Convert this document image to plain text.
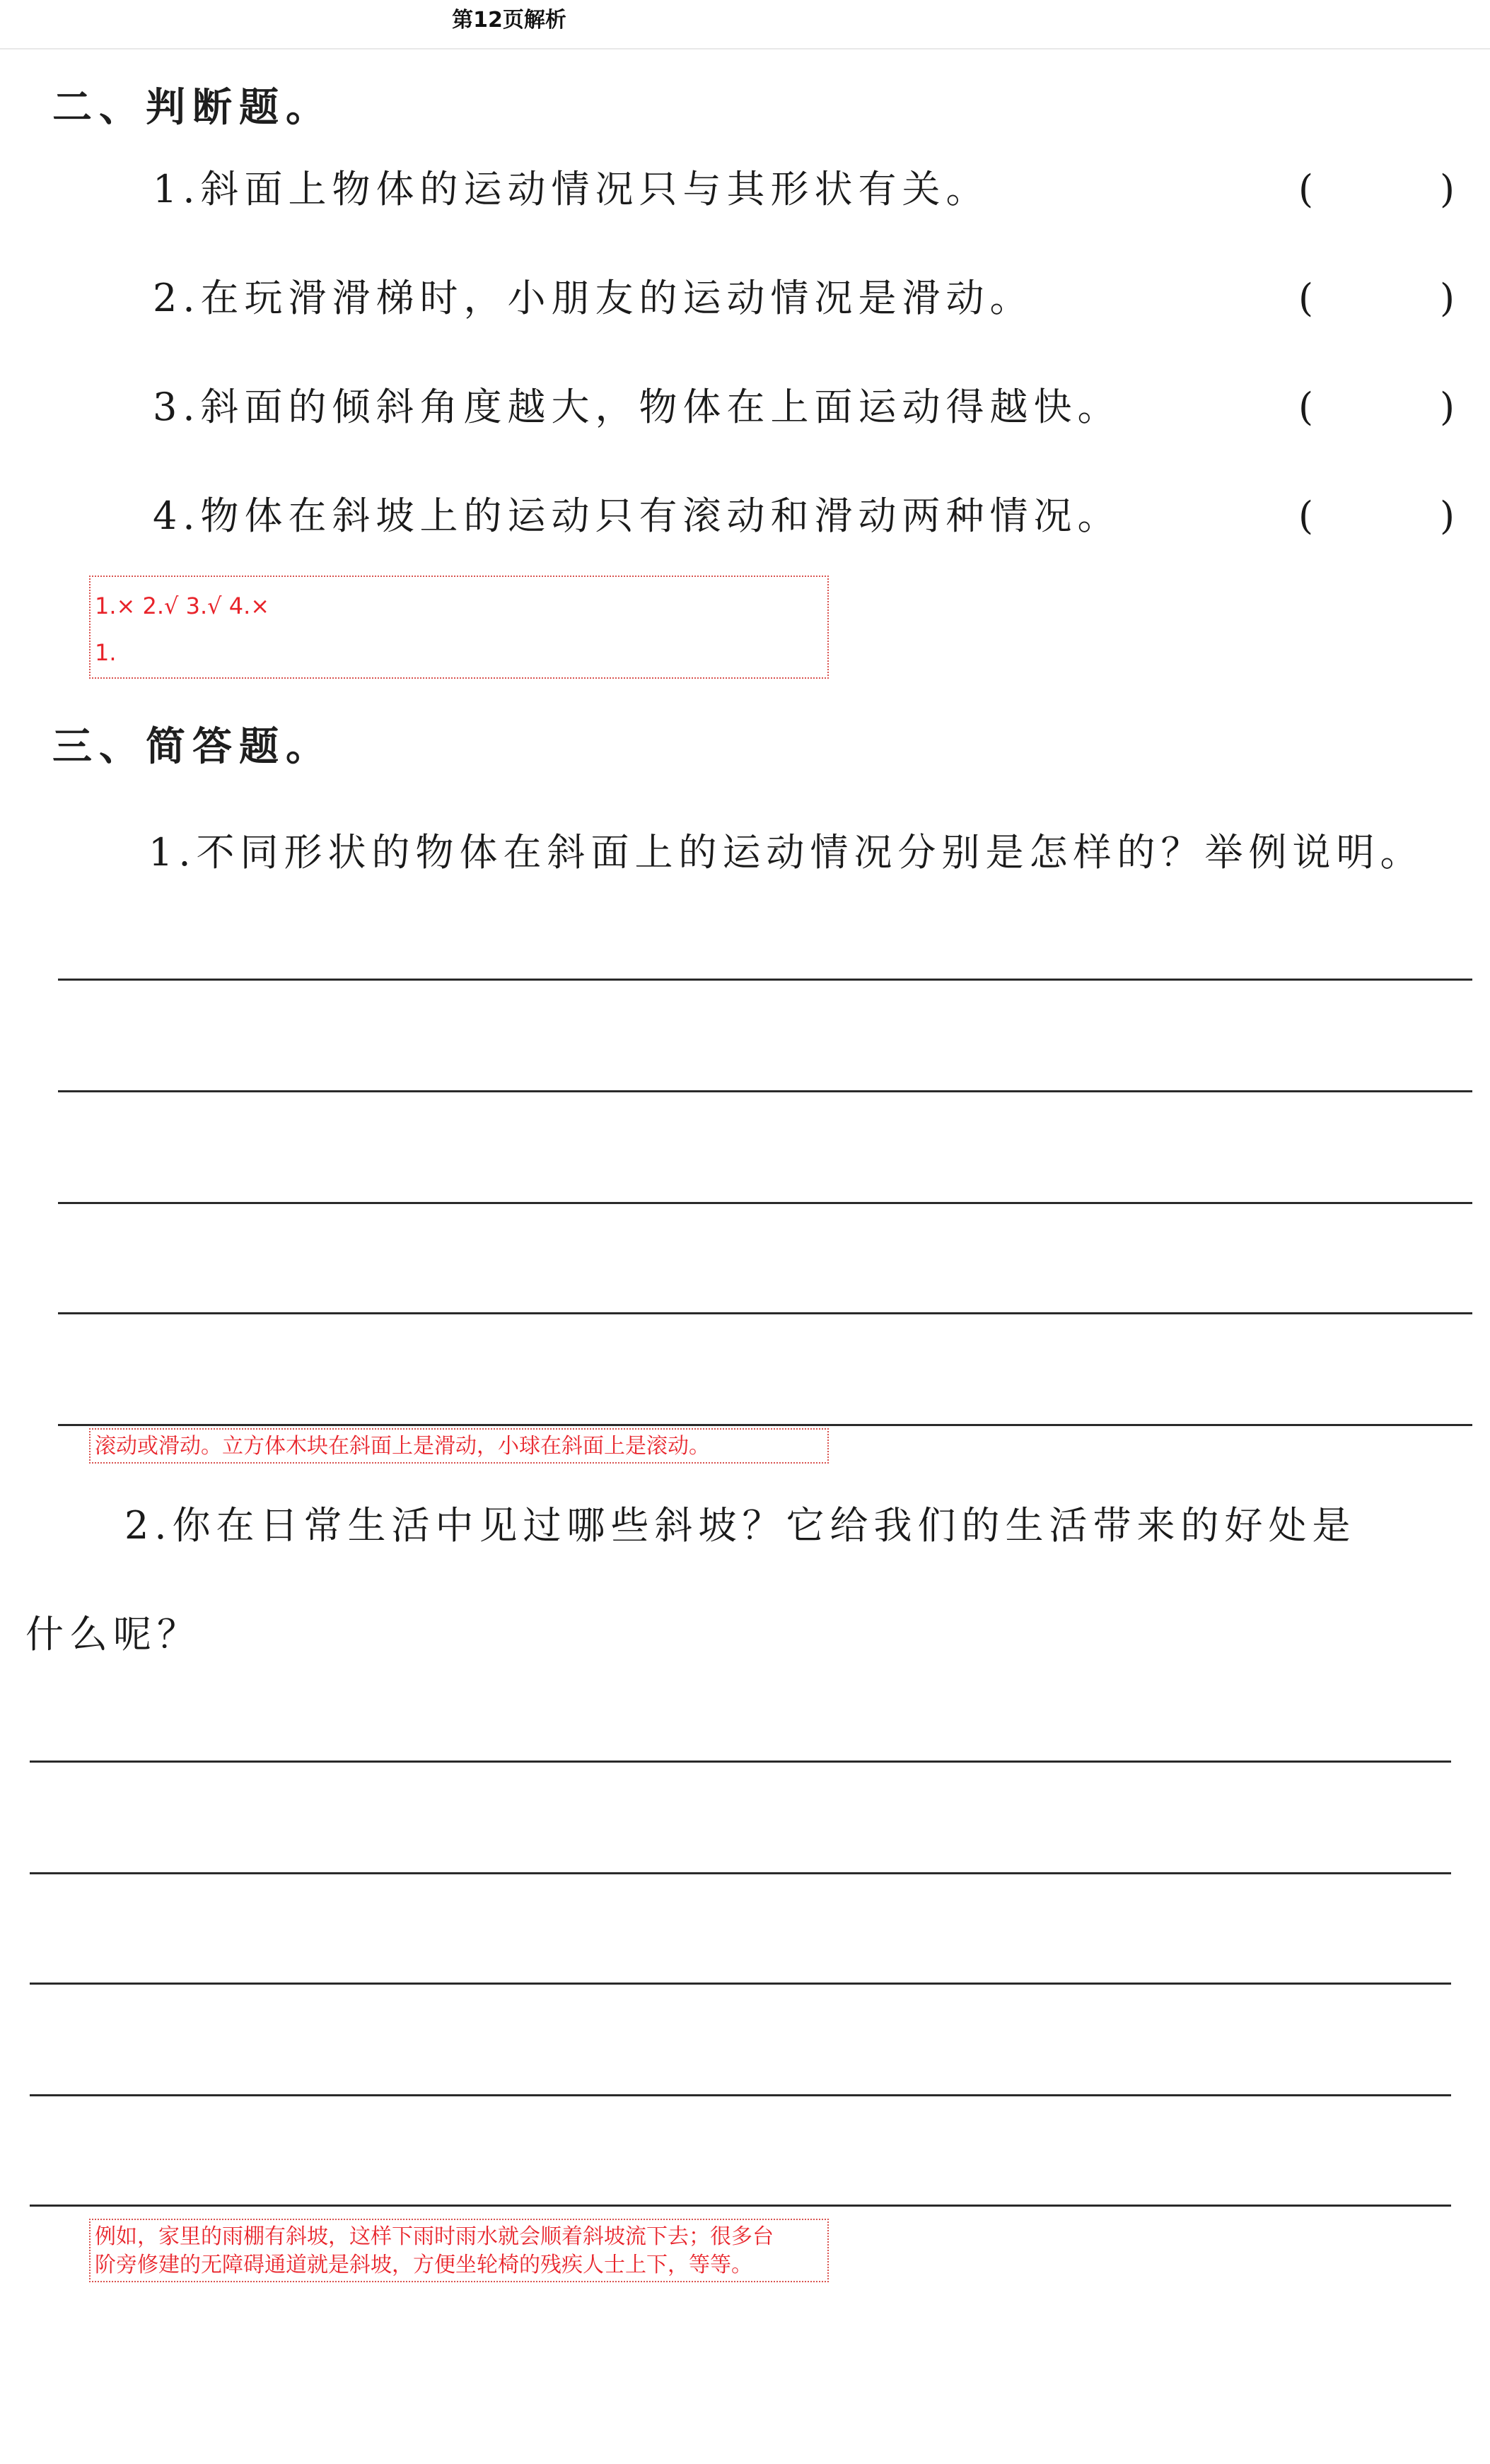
第12页解析
二、判断题。
1.斜面上物体的运动情况只与其形状有关。	(	)
2.在玩滑滑梯时，小朋友的运动情况是滑动。	(	)
3.斜面的倾斜角度越大，物体在上面运动得越快。	(	)
4.物体在斜坡上的运动只有滚动和滑动两种情况。	(	)
1.× 2.√ 3.√ 4.×
1.
三、简答题。
1.不同形状的物体在斜面上的运动情况分别是怎样的？举例说明。
滚动或滑动。立方体木块在斜面上是滑动，小球在斜面上是滚动。
2.你在日常生活中见过哪些斜坡？它给我们的生活带来的好处是
什么呢？
例如，家里的雨棚有斜坡，这样下雨时雨水就会顺着斜坡流下去；很多台
阶旁修建的无障碍通道就是斜坡，方便坐轮椅的残疾人士上下，等等。
